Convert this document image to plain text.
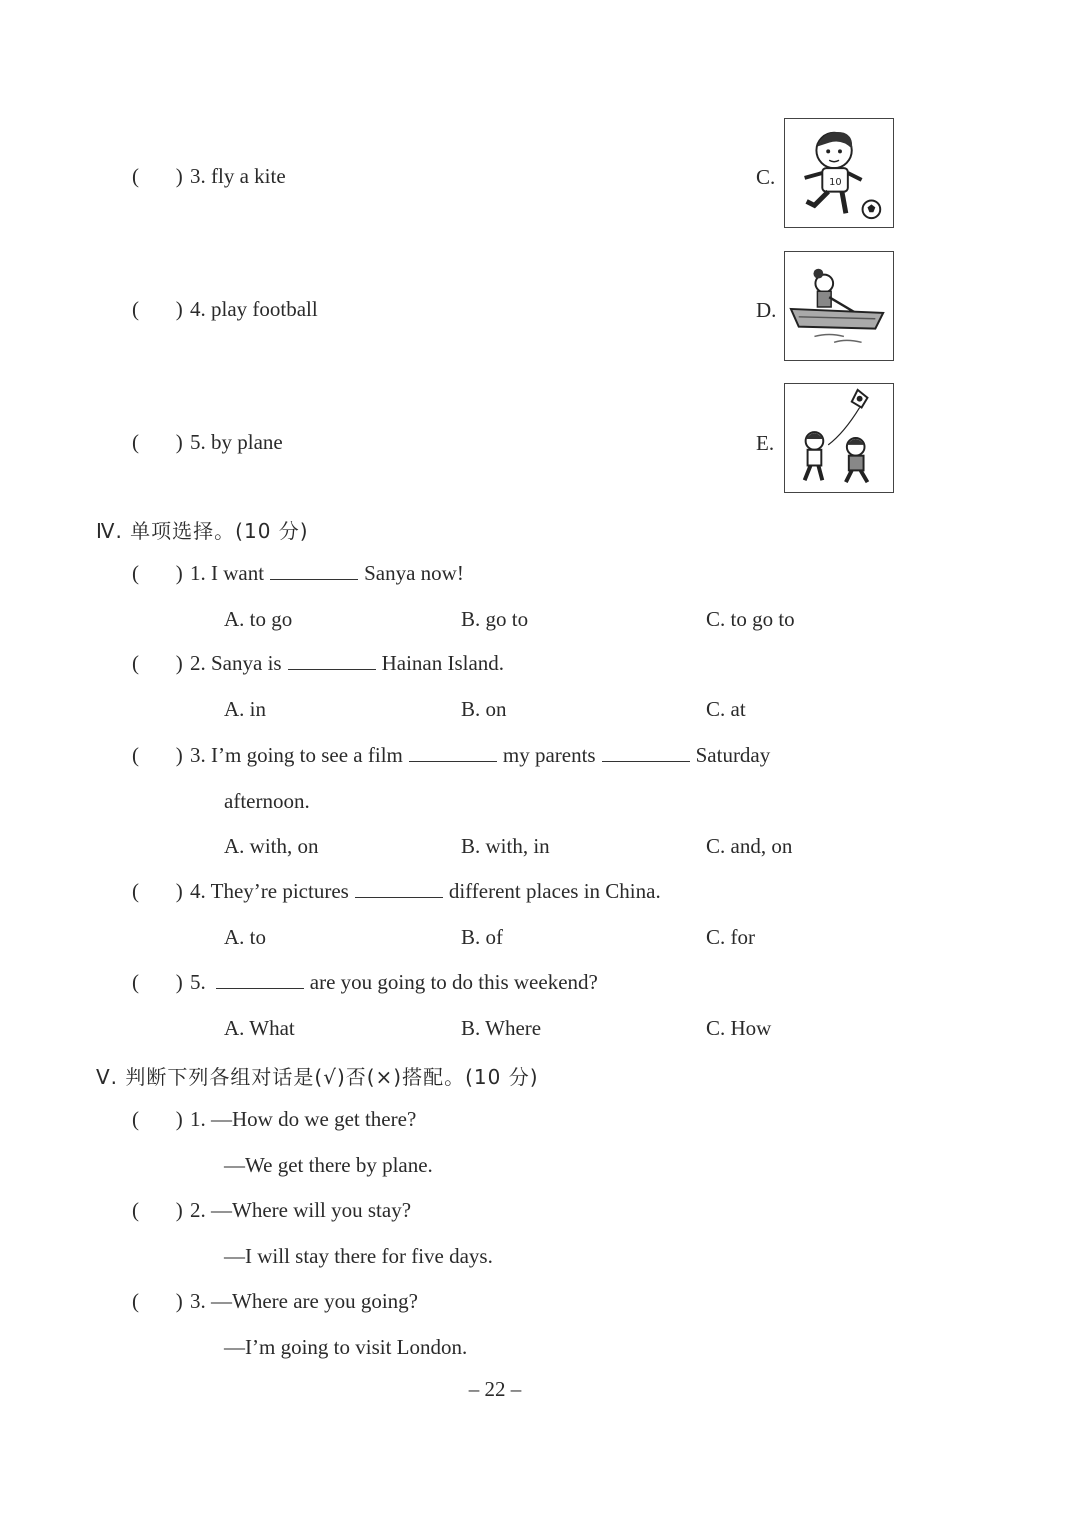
(       ) 3. fly a kite
(       ) 4. play football
(       ) 5. by plane
C.
D.
E.
10
Ⅳ. 单项选择。(10 分)
(       ) 1. I want	Sanya now!
A. to go	B. go to	C. to go to
(       ) 2. Sanya is	Hainan Island.
A. in	B. on	C. at
(       ) 3. I’m going to see a film	my parents	Saturday
afternoon.
A. with, on	B. with, in	C. and, on
(       ) 4. They’re pictures	different places in China.
A. to	B. of	C. for
(       ) 5.	are you going to do this weekend?
A. What	B. Where	C. How
Ⅴ. 判断下列各组对话是(√)否(×)搭配。(10 分)
(       ) 1. —How do we get there?
—We get there by plane.
(       ) 2. —Where will you stay?
—I will stay there for five days.
(       ) 3. —Where are you going?
—I’m going to visit London.
– 22 –
